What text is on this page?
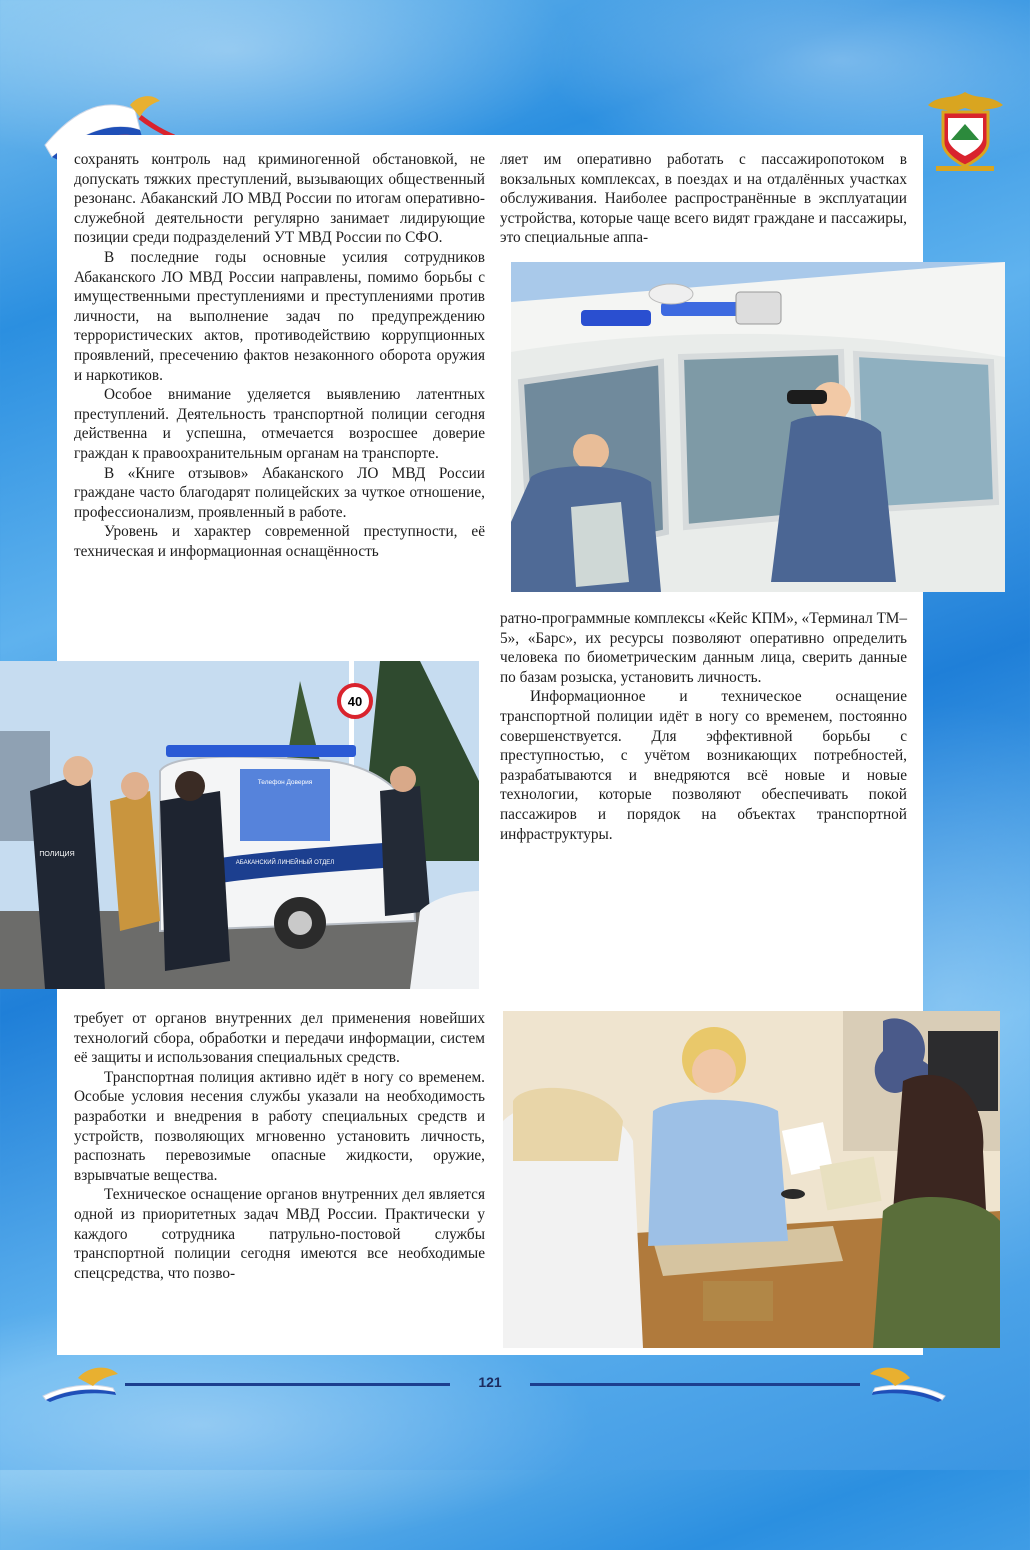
сохранять контроль над криминогенной обстановкой, не допускать тяжких преступлений, вызывающих общественный резонанс. Абаканский ЛО МВД России по итогам оперативно-служебной деятельности регулярно занимает лидирующие позиции среди подразделений УТ МВД России по СФО.

В последние годы основные усилия сотрудников Абаканского ЛО МВД России направлены, помимо борьбы с имущественными преступлениями и преступлениями против личности, на выполнение задач по предупреждению террористических актов, противодействию коррупционных проявлений, пресечению фактов незаконного оборота оружия и наркотиков.

Особое внимание уделяется выявлению латентных преступлений. Деятельность транспортной полиции сегодня действенна и успешна, отмечается возросшее доверие граждан к правоохранительным органам на транспорте.

В «Книге отзывов» Абаканского ЛО МВД России граждане часто благодарят полицейских за чуткое отношение, профессионализм, проявленный в работе.

Уровень и характер современной преступности, её техническая и информационная оснащённость

ляет им оперативно работать с пассажиропотоком в вокзальных комплексах, в поездах и на отдалённых участках обслуживания. Наиболее распространённые в эксплуатации устройства, которые чаще всего видят граждане и пассажиры, это специальные аппа-

ратно-программные комплексы «Кейс КПМ», «Терминал ТМ–5», «Барс», их ресурсы позволяют оперативно определить человека по биометрическим данным лица, сверить данные по базам розыска, установить личность.

Информационное и техническое оснащение транспортной полиции идёт в ногу со временем, постоянно совершенствуется. Для эффективной борьбы с преступностью, с учётом возникающих потребностей, разрабатываются и внедряются всё новые и новые технологии, которые позволяют обеспечивать покой пассажиров и порядок на объектах транспортной инфраструктуры.

40
Телефон Доверия
АБАКАНСКИЙ ЛИНЕЙНЫЙ ОТДЕЛ
ПОЛИЦИЯ

требует от органов внутренних дел применения новейших технологий сбора, обработки и передачи информации, систем её защиты и использования специальных средств.

Транспортная полиция активно идёт в ногу со временем. Особые условия несения службы указали на необходимость разработки и внедрения в работу специальных средств и устройств, позволяющих мгновенно установить личность, распознать перевозимые опасные жидкости, оружие, взрывчатые вещества.

Техническое оснащение органов внутренних дел является одной из приоритетных задач МВД России. Практически у каждого сотрудника патрульно-постовой службы транспортной полиции сегодня имеются все необходимые спецсредства, что позво-

121
